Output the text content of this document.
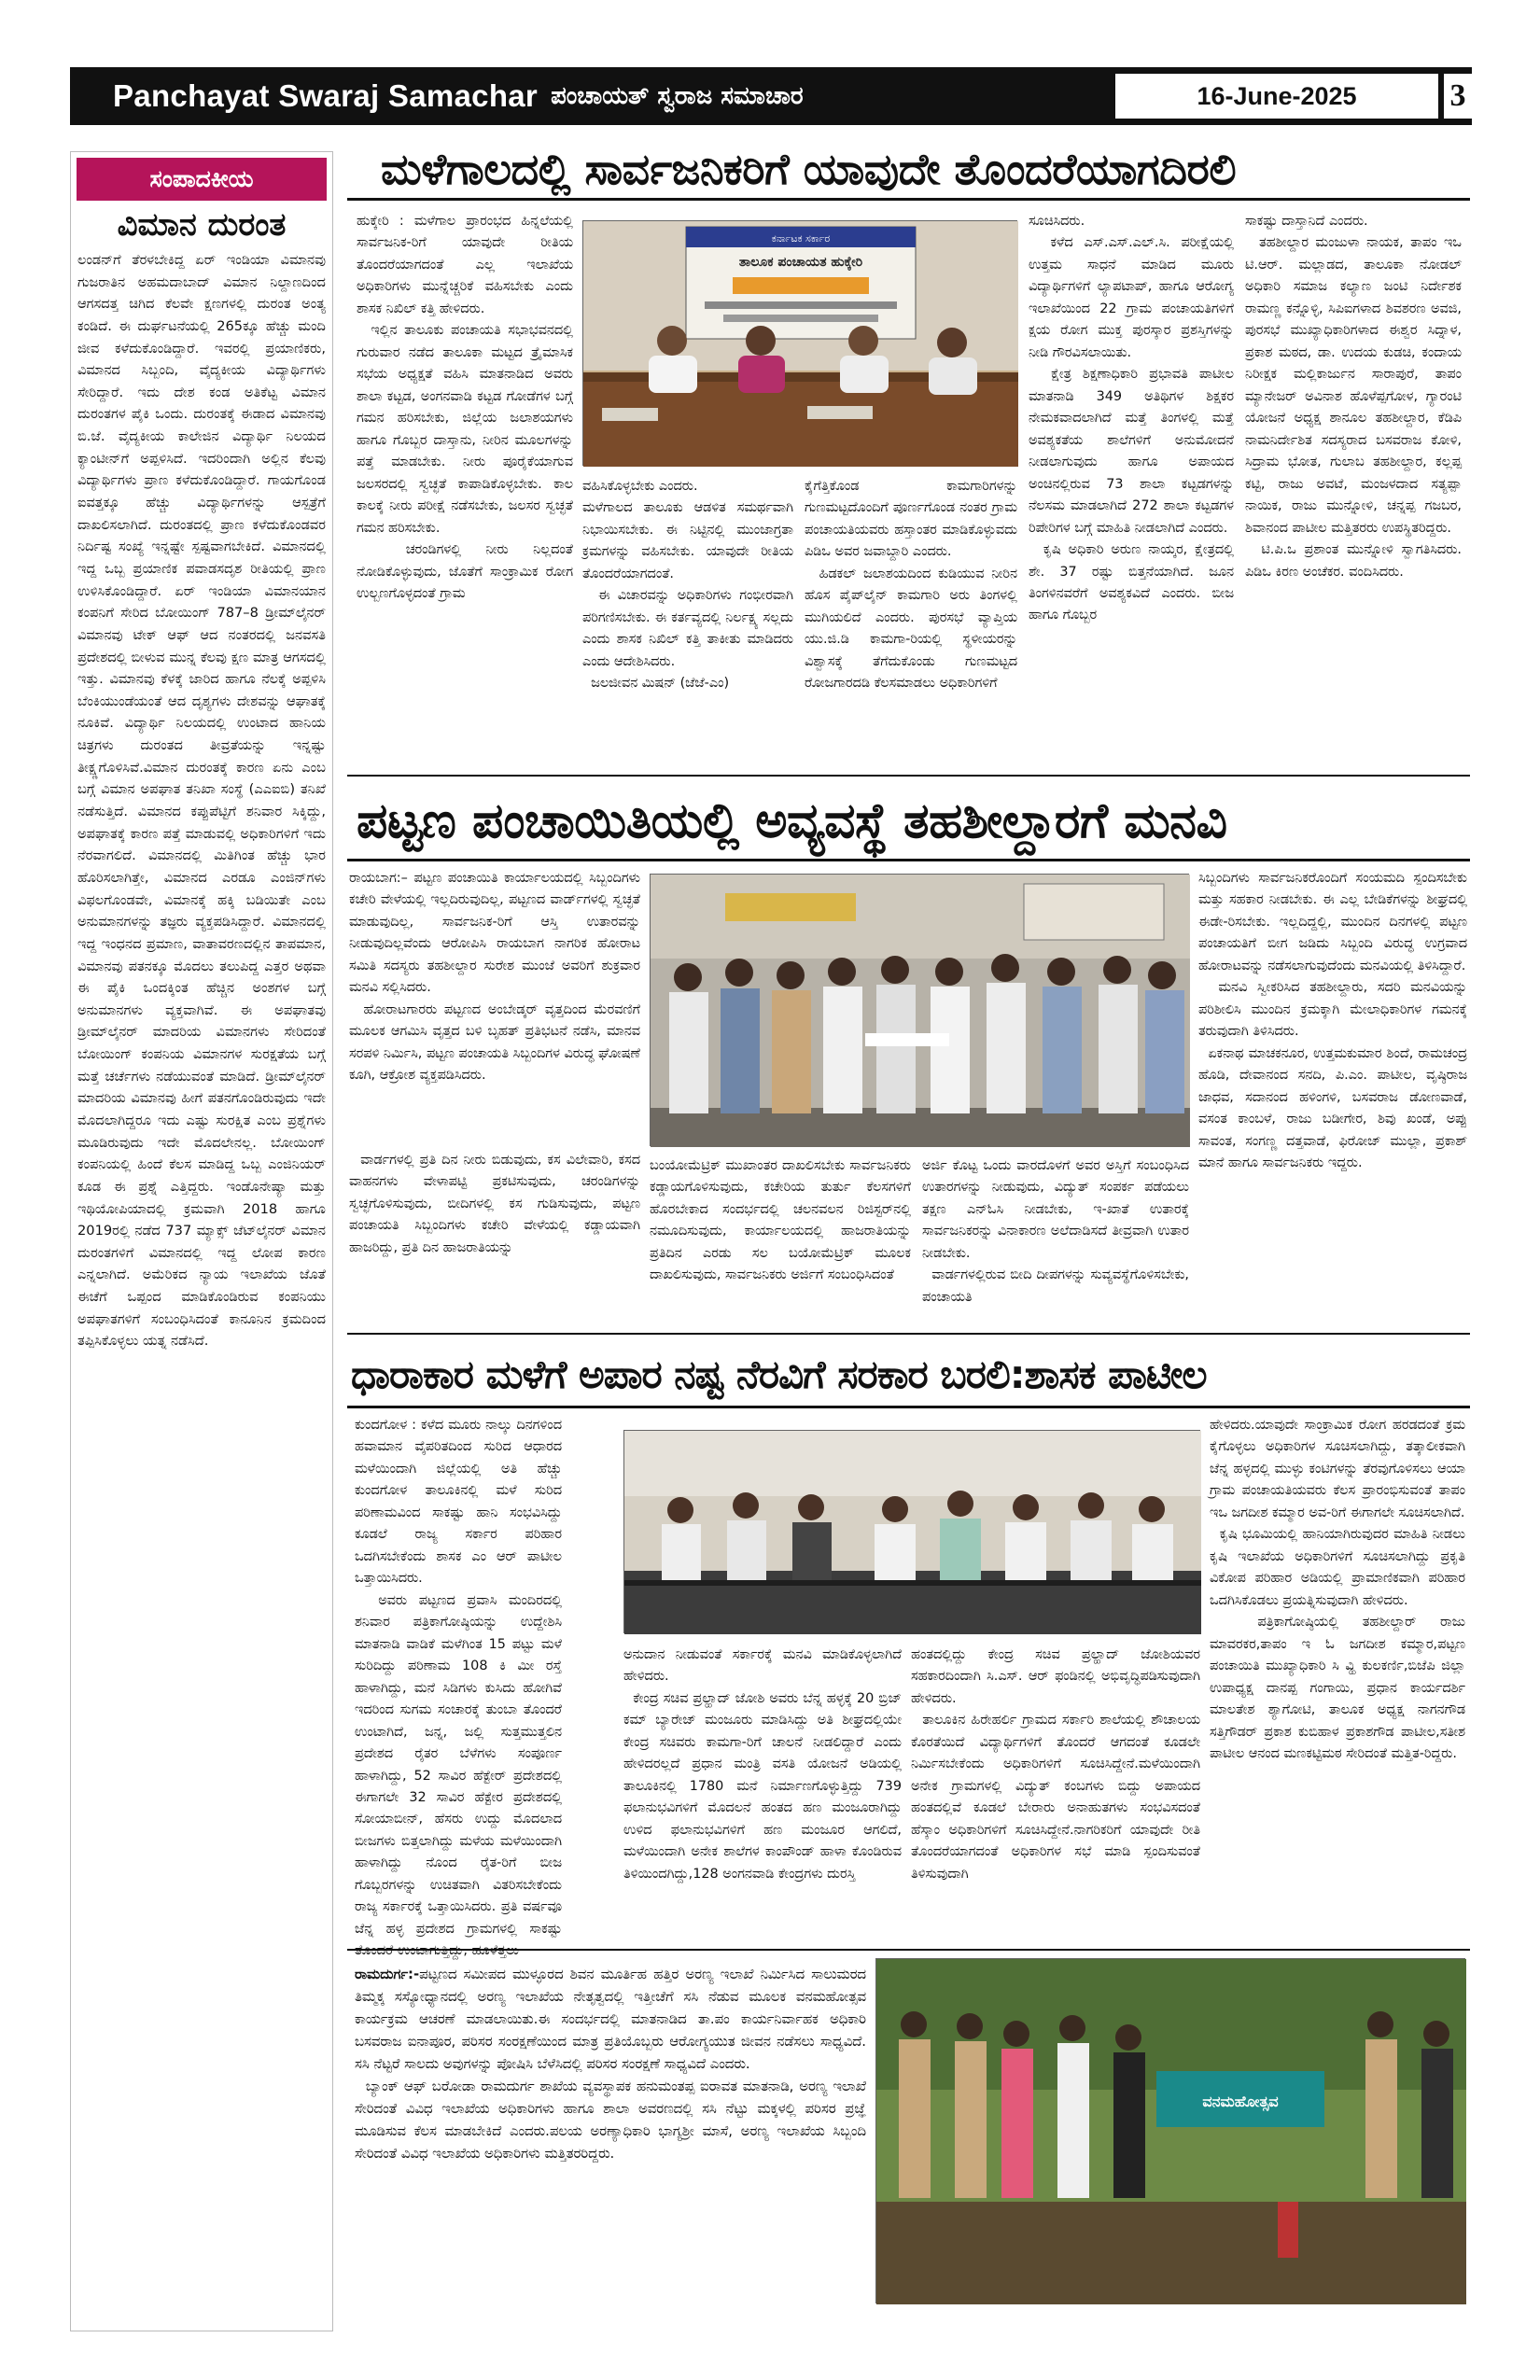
Panchayat Swaraj Samachar ಪಂಚಾಯತ್ ಸ್ವರಾಜ ಸಮಾಚಾರ	16-June-2025	3
ಸಂಪಾದಕೀಯ
ವಿಮಾನ ದುರಂತ
ಲಂಡನ್‌ಗೆ ತೆರಳಬೇಕಿದ್ದ ಏರ್ ಇಂಡಿಯಾ ವಿಮಾನವು ಗುಜರಾತಿನ ಅಹಮದಾಬಾದ್ ವಿಮಾನ ನಿಲ್ದಾಣದಿಂದ ಆಗಸದತ್ತ ಚಿಗಿದ ಕೆಲವೇ ಕ್ಷಣಗಳಲ್ಲಿ ದುರಂತ ಅಂತ್ಯ ಕಂಡಿದೆ. ಈ ದುರ್ಘಟನೆಯಲ್ಲಿ 265ಕ್ಕೂ ಹೆಚ್ಚು ಮಂದಿ ಜೀವ ಕಳೆದುಕೊಂಡಿದ್ದಾರೆ. ಇವರಲ್ಲಿ ಪ್ರಯಾಣಿಕರು, ವಿಮಾನದ ಸಿಬ್ಬಂದಿ, ವೈದ್ಯಕೀಯ ವಿದ್ಯಾರ್ಥಿಗಳು ಸೇರಿದ್ದಾರೆ. ಇದು ದೇಶ ಕಂಡ ಅತಿಕೆಟ್ಟ ವಿಮಾನ ದುರಂತಗಳ ಪೈಕಿ ಒಂದು. ದುರಂತಕ್ಕೆ ಈಡಾದ ವಿಮಾನವು ಬಿ.ಜೆ. ವೈದ್ಯಕೀಯ ಕಾಲೇಜಿನ ವಿದ್ಯಾರ್ಥಿ ನಿಲಯದ ಕ್ಯಾಂಟೀನ್‌ಗೆ ಅಪ್ಪಳಿಸಿದೆ. ಇದರಿಂದಾಗಿ ಅಲ್ಲಿನ ಕೆಲವು ವಿದ್ಯಾರ್ಥಿಗಳು ಪ್ರಾಣ ಕಳೆದುಕೊಂಡಿದ್ದಾರೆ. ಗಾಯಗೊಂಡ ಐವತ್ತಕ್ಕೂ ಹೆಚ್ಚು ವಿದ್ಯಾರ್ಥಿಗಳನ್ನು ಆಸ್ಪತ್ರೆಗೆ ದಾಖಲಿಸಲಾಗಿದೆ. ದುರಂತದಲ್ಲಿ ಪ್ರಾಣ ಕಳೆದುಕೊಂಡವರ ನಿರ್ದಿಷ್ಟ ಸಂಖ್ಯೆ ಇನ್ನಷ್ಟೇ ಸ್ಪಷ್ಟವಾಗಬೇಕಿದೆ. ವಿಮಾನದಲ್ಲಿ ಇದ್ದ ಒಬ್ಬ ಪ್ರಯಾಣಿಕ ಪವಾಡಸದೃಶ ರೀತಿಯಲ್ಲಿ ಪ್ರಾಣ ಉಳಿಸಿಕೊಂಡಿದ್ದಾರೆ. ಏರ್ ಇಂಡಿಯಾ ವಿಮಾನಯಾನ ಕಂಪನಿಗೆ ಸೇರಿದ ಬೋಯಿಂಗ್ 787–8 ಡ್ರೀಮ್‌ಲೈನರ್ ವಿಮಾನವು ಟೇಕ್ ಆಫ್ ಆದ ನಂತರದಲ್ಲಿ ಜನವಸತಿ ಪ್ರದೇಶದಲ್ಲಿ ಬೀಳುವ ಮುನ್ನ ಕೆಲವು ಕ್ಷಣ ಮಾತ್ರ ಆಗಸದಲ್ಲಿ ಇತ್ತು. ವಿಮಾನವು ಕೆಳಕ್ಕೆ ಜಾರಿದ ಹಾಗೂ ನೆಲಕ್ಕೆ ಅಪ್ಪಳಿಸಿ ಬೆಂಕಿಯುಂಡೆಯಂತೆ ಆದ ದೃಶ್ಯಗಳು ದೇಶವನ್ನು ಆಘಾತಕ್ಕೆ ನೂಕಿವೆ. ವಿದ್ಯಾರ್ಥಿ ನಿಲಯದಲ್ಲಿ ಉಂಟಾದ ಹಾನಿಯ ಚಿತ್ರಗಳು ದುರಂತದ ತೀವ್ರತೆಯನ್ನು ಇನ್ನಷ್ಟು ತೀಕ್ಷ್ಣಗೊಳಿಸಿವೆ.ವಿಮಾನ ದುರಂತಕ್ಕೆ ಕಾರಣ ಏನು ಎಂಬ ಬಗ್ಗೆ ವಿಮಾನ ಅಪಘಾತ ತನಿಖಾ ಸಂಸ್ಥೆ (ಎಎಐಬಿ) ತನಿಖೆ ನಡೆಸುತ್ತಿದೆ. ವಿಮಾನದ ಕಪ್ಪುಪೆಟ್ಟಿಗೆ ಶನಿವಾರ ಸಿಕ್ಕಿದ್ದು, ಅಪಘಾತಕ್ಕೆ ಕಾರಣ ಪತ್ತೆ ಮಾಡುವಲ್ಲಿ ಅಧಿಕಾರಿಗಳಿಗೆ ಇದು ನೆರವಾಗಲಿದೆ. ವಿಮಾನದಲ್ಲಿ ಮಿತಿಗಿಂತ ಹೆಚ್ಚು ಭಾರ ಹೊರಿಸಲಾಗಿತ್ತೇ, ವಿಮಾನದ ಎರಡೂ ಎಂಜಿನ್‌ಗಳು ವಿಫಲಗೊಂಡವೇ, ವಿಮಾನಕ್ಕೆ ಹಕ್ಕಿ ಬಡಿಯಿತೇ ಎಂಬ ಅನುಮಾನಗಳನ್ನು ತಜ್ಞರು ವ್ಯಕ್ತಪಡಿಸಿದ್ದಾರೆ. ವಿಮಾನದಲ್ಲಿ ಇದ್ದ ಇಂಧನದ ಪ್ರಮಾಣ, ವಾತಾವರಣದಲ್ಲಿನ ತಾಪಮಾನ, ವಿಮಾನವು ಪತನಕ್ಕೂ ಮೊದಲು ತಲುಪಿದ್ದ ಎತ್ತರ ಅಥವಾ ಈ ಪೈಕಿ ಒಂದಕ್ಕಿಂತ ಹೆಚ್ಚಿನ ಅಂಶಗಳ ಬಗ್ಗೆ ಅನುಮಾನಗಳು ವ್ಯಕ್ತವಾಗಿವೆ. ಈ ಅಪಘಾತವು ಡ್ರೀಮ್‌ಲೈನರ್ ಮಾದರಿಯ ವಿಮಾನಗಳು ಸೇರಿದಂತೆ ಬೋಯಿಂಗ್ ಕಂಪನಿಯ ವಿಮಾನಗಳ ಸುರಕ್ಷತೆಯ ಬಗ್ಗೆ ಮತ್ತೆ ಚರ್ಚೆಗಳು ನಡೆಯುವಂತೆ ಮಾಡಿದೆ. ಡ್ರೀಮ್‌ಲೈನರ್ ಮಾದರಿಯ ವಿಮಾನವು ಹೀಗೆ ಪತನಗೊಂಡಿರುವುದು ಇದೇ ಮೊದಲಾಗಿದ್ದರೂ ಇದು ಎಷ್ಟು ಸುರಕ್ಷಿತ ಎಂಬ ಪ್ರಶ್ನೆಗಳು ಮೂಡಿರುವುದು ಇದೇ ಮೊದಲೇನಲ್ಲ. ಬೋಯಿಂಗ್ ಕಂಪನಿಯಲ್ಲಿ ಹಿಂದೆ ಕೆಲಸ ಮಾಡಿದ್ದ ಒಬ್ಬ ಎಂಜಿನಿಯರ್ ಕೂಡ ಈ ಪ್ರಶ್ನೆ ಎತ್ತಿದ್ದರು. ಇಂಡೊನೇಷ್ಯಾ ಮತ್ತು ಇಥಿಯೋಪಿಯಾದಲ್ಲಿ ಕ್ರಮವಾಗಿ 2018 ಹಾಗೂ 2019ರಲ್ಲಿ ನಡೆದ 737 ಮ್ಯಾಕ್ಸ್ ಜೆಟ್‌ಲೈನರ್ ವಿಮಾನ ದುರಂತಗಳಿಗೆ ವಿಮಾನದಲ್ಲಿ ಇದ್ದ ಲೋಪ ಕಾರಣ ಎನ್ನಲಾಗಿದೆ. ಅಮೆರಿಕದ ನ್ಯಾಯ ಇಲಾಖೆಯ ಜೊತೆ ಈಚೆಗೆ ಒಪ್ಪಂದ ಮಾಡಿಕೊಂಡಿರುವ ಕಂಪನಿಯು ಅಪಘಾತಗಳಿಗೆ ಸಂಬಂಧಿಸಿದಂತೆ ಕಾನೂನಿನ ಕ್ರಮದಿಂದ ತಪ್ಪಿಸಿಕೊಳ್ಳಲು ಯತ್ನ ನಡೆಸಿದೆ.
ಮಳೆಗಾಲದಲ್ಲಿ ಸಾರ್ವಜನಿಕರಿಗೆ ಯಾವುದೇ ತೊಂದರೆಯಾಗದಿರಲಿ
ಹುಕ್ಕೇರಿ : ಮಳೆಗಾಲ ಪ್ರಾರಂಭದ ಹಿನ್ನಲೆಯಲ್ಲಿ ಸಾರ್ವಜನಿಕ-ರಿಗೆ ಯಾವುದೇ ರೀತಿಯ ತೊಂದರೆಯಾಗದಂತೆ ಎಲ್ಲ ಇಲಾಖೆಯ ಅಧಿಕಾರಿಗಳು ಮುನ್ನೆಚ್ಚರಿಕೆ ವಹಿಸಬೇಕು ಎಂದು ಶಾಸಕ ನಿಖಿಲ್ ಕತ್ತಿ ಹೇಳಿದರು.
ಇಲ್ಲಿನ ತಾಲೂಕು ಪಂಚಾಯತಿ ಸಭಾಭವನದಲ್ಲಿ ಗುರುವಾರ ನಡೆದ ತಾಲೂಕಾ ಮಟ್ಟದ ತ್ರೈಮಾಸಿಕ ಸಭೆಯ ಅಧ್ಯಕ್ಷತೆ ವಹಿಸಿ ಮಾತನಾಡಿದ ಅವರು ಶಾಲಾ ಕಟ್ಟಡ, ಅಂಗನವಾಡಿ ಕಟ್ಟಡ ಗೋಡೆಗಳ ಬಗ್ಗೆ ಗಮನ ಹರಿಸಬೇಕು, ಜಿಲ್ಲೆಯ ಜಲಾಶಯಗಳು ಹಾಗೂ ಗೊಬ್ಬರ ದಾಸ್ತಾನು, ನೀರಿನ ಮೂಲಗಳನ್ನು ಪತ್ತೆ ಮಾಡಬೇಕು. ನೀರು ಪೂರೈಕೆಯಾಗುವ ಜಲಸರದಲ್ಲಿ ಸ್ವಚ್ಛತೆ ಕಾಪಾಡಿಕೊಳ್ಳಬೇಕು. ಕಾಲ ಕಾಲಕ್ಕೆ ನೀರು ಪರೀಕ್ಷೆ ನಡೆಸಬೇಕು, ಜಲಸರ ಸ್ವಚ್ಛತೆ ಗಮನ ಹರಿಸಬೇಕು.
ಚರಂಡಿಗಳಲ್ಲಿ ನೀರು ನಿಲ್ಲದಂತೆ ನೋಡಿಕೊಳ್ಳುವುದು, ಜೊತೆಗೆ ಸಾಂಕ್ರಾಮಿಕ ರೋಗ ಉಲ್ಬಣಗೊಳ್ಳದಂತೆ ಗ್ರಾಮ
ಕರ್ನಾಟಕ ಸರ್ಕಾರ
ತಾಲೂಕ ಪಂಚಾಯತ ಹುಕ್ಕೇರಿ
ವಹಿಸಿಕೊಳ್ಳಬೇಕು ಎಂದರು.
ಮಳೆಗಾಲದ ತಾಲೂಕು ಆಡಳಿತ ಸಮರ್ಥವಾಗಿ ನಿಭಾಯಿಸಬೇಕು. ಈ ನಿಟ್ಟಿನಲ್ಲಿ ಮುಂಜಾಗ್ರತಾ ಕ್ರಮಗಳನ್ನು ವಹಿಸಬೇಕು. ಯಾವುದೇ ರೀತಿಯ ತೊಂದರೆಯಾಗದಂತೆ.
ಈ ವಿಚಾರವನ್ನು ಅಧಿಕಾರಿಗಳು ಗಂಭೀರವಾಗಿ ಪರಿಗಣಿಸಬೇಕು. ಈ ಕರ್ತವ್ಯದಲ್ಲಿ ನಿರ್ಲಕ್ಷ್ಯ ಸಲ್ಲದು ಎಂದು ಶಾಸಕ ನಿಖಿಲ್ ಕತ್ತಿ ತಾಕೀತು ಮಾಡಿದರು ಎಂದು ಆದೇಶಿಸಿದರು.
ಜಲಜೀವನ ಮಿಷನ್ (ಜೆಜೆ-ಎಂ)
ಕೈಗೆತ್ತಿಕೊಂಡ ಕಾಮಗಾರಿಗಳನ್ನು ಗುಣಮಟ್ಟದೊಂದಿಗೆ ಪೂರ್ಣಗೊಂಡ ನಂತರ ಗ್ರಾಮ ಪಂಚಾಯತಿಯವರು ಹಸ್ತಾಂತರ ಮಾಡಿಕೊಳ್ಳುವದು ಪಿಡಿಒ ಅವರ ಜವಾಬ್ದಾರಿ ಎಂದರು.
ಹಿಡಕಲ್ ಜಲಾಶಯದಿಂದ ಕುಡಿಯುವ ನೀರಿನ ಹೊಸ ಪೈಪ್‌ಲೈನ್ ಕಾಮಗಾರಿ ಅರು ತಿಂಗಳಲ್ಲಿ ಮುಗಿಯಲಿದೆ ಎಂದರು. ಪುರಸಭೆ ವ್ಯಾಪ್ತಿಯ ಯು.ಜಿ.ಡಿ ಕಾಮಗಾ-ರಿಯಲ್ಲಿ ಸ್ಥಳೀಯರನ್ನು ವಿಶ್ವಾಸಕ್ಕೆ ತೆಗೆದುಕೊಂಡು ಗುಣಮಟ್ಟದ ರೋಜಗಾರದಡಿ ಕೆಲಸಮಾಡಲು ಅಧಿಕಾರಿಗಳಿಗೆ
ಸೂಚಿಸಿದರು.
ಕಳೆದ ಎಸ್.ಎಸ್.ಎಲ್.ಸಿ. ಪರೀಕ್ಷೆಯಲ್ಲಿ ಉತ್ತಮ ಸಾಧನೆ ಮಾಡಿದ ಮೂರು ವಿದ್ಯಾರ್ಥಿಗಳಿಗೆ ಲ್ಯಾಪಟಾಪ್, ಹಾಗೂ ಆರೋಗ್ಯ ಇಲಾಖೆಯಿಂದ 22 ಗ್ರಾಮ ಪಂಚಾಯತಿಗಳಿಗೆ ಕ್ಷಯ ರೋಗ ಮುಕ್ತ ಪುರಸ್ಕಾರ ಪ್ರಶಸ್ತಿಗಳನ್ನು ನೀಡಿ ಗೌರವಿಸಲಾಯಿತು.
ಕ್ಷೇತ್ರ ಶಿಕ್ಷಣಾಧಿಕಾರಿ ಪ್ರಭಾವತಿ ಪಾಟೀಲ ಮಾತನಾಡಿ 349 ಅತಿಥಿಗಳ ಶಿಕ್ಷಕರ ನೇಮಕವಾದಲಾಗಿದೆ ಮತ್ತೆ ತಿಂಗಳಲ್ಲಿ ಮತ್ತೆ ಅವಶ್ಯಕತೆಯ ಶಾಲೆಗಳಿಗೆ ಅನುಮೋದನೆ ನೀಡಲಾಗುವುದು ಹಾಗೂ ಅಪಾಯದ ಅಂಚಿನಲ್ಲಿರುವ 73 ಶಾಲಾ ಕಟ್ಟಡಗಳನ್ನು ನೆಲಸಮ ಮಾಡಲಾಗಿದೆ 272 ಶಾಲಾ ಕಟ್ಟಡಗಳ ರಿಪೇರಿಗಳ ಬಗ್ಗೆ ಮಾಹಿತಿ ನೀಡಲಾಗಿದೆ ಎಂದರು.
ಕೃಷಿ ಅಧಿಕಾರಿ ಅರುಣ ನಾಯ್ಕರ, ಕ್ಷೇತ್ರದಲ್ಲಿ ಶೇ. 37 ರಷ್ಟು ಬಿತ್ತನೆಯಾಗಿದೆ. ಜೂನ ತಿಂಗಳಿನವರೆಗೆ ಅವಶ್ಯಕವಿದೆ ಎಂದರು. ಬೀಜ ಹಾಗೂ ಗೊಬ್ಬರ
ಸಾಕಷ್ಟು ದಾಸ್ತಾನಿದೆ ಎಂದರು.
ತಹಶೀಲ್ದಾರ ಮಂಜುಳಾ ನಾಯಕ, ತಾಪಂ ಇಒ ಟಿ.ಆರ್. ಮಲ್ಲಾಡದ, ತಾಲೂಕಾ ನೋಡಲ್ ಅಧಿಕಾರಿ ಸಮಾಜ ಕಲ್ಯಾಣ ಜಂಟಿ ನಿರ್ದೇಶಕ ರಾಮಣ್ಣ ಕನ್ನೊಳ್ಳಿ, ಸಿಪಿಐಗಳಾದ ಶಿವಶರಣ ಅವಜಿ, ಪುರಸಭೆ ಮುಖ್ಯಾಧಿಕಾರಿಗಳಾದ ಈಶ್ವರ ಸಿದ್ನಾಳ, ಪ್ರಕಾಶ ಮಠದ, ಡಾ. ಉದಯ ಕುಡಚಿ, ಕಂದಾಯ ನಿರೀಕ್ಷಕ ಮಲ್ಲಿಕಾರ್ಜುನ ಸಾರಾಪುರೆ, ತಾಪಂ ಮ್ಯಾನೇಜರ್ ಅವಿನಾಶ ಹೊಳೆಪ್ಪಗೋಳ, ಗ್ಯಾರಂಟಿ ಯೋಜನೆ ಅಧ್ಯಕ್ಷ ಶಾನೂಲ ತಹಶೀಲ್ದಾರ, ಕೆಡಿಪಿ ನಾಮನಿರ್ದೇಶಿತ ಸದಸ್ಯರಾದ ಬಸವರಾಜ ಕೋಳಿ, ಸಿದ್ರಾಮ ಭೋತ, ಗುಲಾಬ ತಹಶೀಲ್ದಾರ, ಕಲ್ಲಪ್ಪ ಕಟ್ಟಿ, ರಾಜು ಅವಟೆ, ಮಂಜಳದಾದ ಸತ್ಯಪ್ಪಾ ನಾಯಿಕ, ರಾಜು ಮುನ್ನೋಳಿ, ಚನ್ನಪ್ಪ ಗಜಬರ, ಶಿವಾನಂದ ಪಾಟೀಲ ಮತ್ತಿತರರು ಉಪಸ್ಥಿತರಿದ್ದರು.
ಟಿ.ಪಿ.ಒ ಪ್ರಶಾಂತ ಮುನ್ನೋಳಿ ಸ್ವಾಗತಿಸಿದರು. ಪಿಡಿಒ ಕಿರಣ ಅಂಚೆಕರ. ವಂದಿಸಿದರು.
ಪಟ್ಟಣ ಪಂಚಾಯಿತಿಯಲ್ಲಿ ಅವ್ಯವಸ್ಥೆ ತಹಶೀಲ್ದಾರಗೆ ಮನವಿ
ರಾಯಬಾಗ:– ಪಟ್ಟಣ ಪಂಚಾಯಿತಿ ಕಾರ್ಯಾಲಯದಲ್ಲಿ ಸಿಬ್ಬಂದಿಗಳು ಕಚೇರಿ ವೇಳೆಯಲ್ಲಿ ಇಲ್ಲದಿರುವುದಿಲ್ಲ, ಪಟ್ಟಣದ ವಾರ್ಡ್‌ಗಳಲ್ಲಿ ಸ್ವಚ್ಛತೆ ಮಾಡುವುದಿಲ್ಲ, ಸಾರ್ವಜನಿಕ-ರಿಗೆ ಆಸ್ತಿ ಉತಾರವನ್ನು ನೀಡುವುದಿಲ್ಲವೆಂದು ಆರೋಪಿಸಿ ರಾಯಬಾಗ ನಾಗರಿಕ ಹೋರಾಟ ಸಮಿತಿ ಸದಸ್ಯರು ತಹಶೀಲ್ದಾರ ಸುರೇಶ ಮುಂಜೆ ಅವರಿಗೆ ಶುಕ್ರವಾರ ಮನವಿ ಸಲ್ಲಿಸಿದರು.
ಹೋರಾಟಗಾರರು ಪಟ್ಟಣದ ಅಂಬೇಡ್ಕರ್ ವೃತ್ತದಿಂದ ಮೆರವಣಿಗೆ ಮೂಲಕ ಆಗಮಿಸಿ ವೃತ್ತದ ಬಳಿ ಬೃಹತ್ ಪ್ರತಿಭಟನೆ ನಡೆಸಿ, ಮಾನವ ಸರಪಳಿ ನಿರ್ಮಿಸಿ, ಪಟ್ಟಣ ಪಂಚಾಯತಿ ಸಿಬ್ಬಂದಿಗಳ ವಿರುದ್ಧ ಘೋಷಣೆ ಕೂಗಿ, ಆಕ್ರೋಶ ವ್ಯಕ್ತಪಡಿಸಿದರು.
ವಾರ್ಡಗಳಲ್ಲಿ ಪ್ರತಿ ದಿನ ನೀರು ಬಿಡುವುದು, ಕಸ ವಿಲೇವಾರಿ, ಕಸದ ವಾಹನಗಳು ವೇಳಾಪಟ್ಟಿ ಪ್ರಕಟಿಸುವುದು, ಚರಂಡಿಗಳನ್ನು ಸ್ವಚ್ಛಗೊಳಿಸುವುದು, ಬೀದಿಗಳಲ್ಲಿ ಕಸ ಗುಡಿಸುವುದು, ಪಟ್ಟಣ ಪಂಚಾಯತಿ ಸಿಬ್ಬಂದಿಗಳು ಕಚೇರಿ ವೇಳೆಯಲ್ಲಿ ಕಡ್ಡಾಯವಾಗಿ ಹಾಜರಿದ್ದು, ಪ್ರತಿ ದಿನ ಹಾಜರಾತಿಯನ್ನು
ಬಂಯೋಮೆಟ್ರಿಕ್ ಮುಖಾಂತರ ದಾಖಲಿಸಬೇಕು ಸಾರ್ವಜನಿಕರು ಕಡ್ಡಾಯಗೊಳಿಸುವುದು, ಕಚೇರಿಯ ತುರ್ತು ಕೆಲಸಗಳಿಗೆ ಹೊರಬೇಕಾದ ಸಂದರ್ಭದಲ್ಲಿ ಚಲನವಲನ ರಿಜಿಸ್ಟರ್‌ನಲ್ಲಿ ನಮೂದಿಸುವುದು, ಕಾರ್ಯಾಲಯದಲ್ಲಿ ಹಾಜರಾತಿಯನ್ನು ಪ್ರತಿದಿನ ಎರಡು ಸಲ ಬಯೋಮೆಟ್ರಿಕ್ ಮೂಲಕ ದಾಖಲಿಸುವುದು, ಸಾರ್ವಜನಿಕರು ಅರ್ಜಿಗೆ ಸಂಬಂಧಿಸಿದಂತೆ
ಅರ್ಜಿ ಕೊಟ್ಟ ಒಂದು ವಾರದೊಳಗೆ ಅವರ ಅಸ್ತಿಗೆ ಸಂಬಂಧಿಸಿದ ಉತಾರಗಳನ್ನು ನೀಡುವುದು, ವಿದ್ಯುತ್ ಸಂಪರ್ಕ ಪಡೆಯಲು ತಕ್ಷಣ ಎನ್‌ಓಸಿ ನೀಡಬೇಕು, ಇ-ಖಾತೆ ಉತಾರಕ್ಕೆ ಸಾರ್ವಜನಿಕರನ್ನು ವಿನಾಕಾರಣ ಅಲೆದಾಡಿಸದೆ ತೀವ್ರವಾಗಿ ಉತಾರ ನೀಡಬೇಕು.
ವಾರ್ಡಗಳಲ್ಲಿರುವ ಬೀದಿ ದೀಪಗಳನ್ನು ಸುವ್ಯವಸ್ಥೆಗೊಳಿಸಬೇಕು, ಪಂಚಾಯತಿ
ಸಿಬ್ಬಂದಿಗಳು ಸಾರ್ವಜನಿಕರೊಂದಿಗೆ ಸಂಯಮದಿ ಸ್ಪಂದಿಸಬೇಕು ಮತ್ತು ಸಹಕಾರ ನೀಡಬೇಕು. ಈ ಎಲ್ಲ ಬೇಡಿಕೆಗಳನ್ನು ಶೀಘ್ರದಲ್ಲಿ ಈಡೇ-ರಿಸಬೇಕು. ಇಲ್ಲದಿದ್ದಲ್ಲಿ, ಮುಂದಿನ ದಿನಗಳಲ್ಲಿ ಪಟ್ಟಣ ಪಂಚಾಯತಿಗೆ ಬೀಗ ಜಡಿದು ಸಿಬ್ಬಂದಿ ವಿರುದ್ಧ ಉಗ್ರವಾದ ಹೋರಾಟವನ್ನು ನಡೆಸಲಾಗುವುದೆಂದು ಮನವಿಯಲ್ಲಿ ತಿಳಿಸಿದ್ದಾರೆ.
ಮನವಿ ಸ್ವೀಕರಿಸಿದ ತಹಶೀಲ್ದಾರು, ಸದರಿ ಮನವಿಯನ್ನು ಪರಿಶೀಲಿಸಿ ಮುಂದಿನ ಕ್ರಮಕ್ಕಾಗಿ ಮೇಲಾಧಿಕಾರಿಗಳ ಗಮನಕ್ಕೆ ತರುವುದಾಗಿ ತಿಳಿಸಿದರು.
ಏಕನಾಥ ಮಾಚಕನೂರ, ಉತ್ತಮಕುಮಾರ ಶಿಂದೆ, ರಾಮಚಂದ್ರ ಹೊಡಿ, ದೇವಾನಂದ ಸನದಿ, ಪಿ.ಎಂ. ಪಾಟೀಲ, ವೃಷ್ಠಿರಾಜ ಜಾಧವ, ಸದಾನಂದ ಹಳಿಂಗಳಿ, ಬಸವರಾಜ ಡೋಣವಾಡೆ, ವಸಂತ ಕಾಂಬಳೆ, ರಾಜು ಬಡೀಗೇರ, ಶಿವು ಖಂಡೆ, ಅಪ್ಪು ಸಾವಂತ, ಸಂಗಣ್ಣ ದತ್ತವಾಡೆ, ಫಿರೋಜ್ ಮುಲ್ಲಾ, ಪ್ರಕಾಶ್ ಮಾನೆ ಹಾಗೂ ಸಾರ್ವಜನಿಕರು ಇದ್ದರು.
ಧಾರಾಕಾರ ಮಳೆಗೆ ಅಪಾರ ನಷ್ಟ ನೆರವಿಗೆ ಸರಕಾರ ಬರಲಿ:ಶಾಸಕ ಪಾಟೀಲ
ಕುಂದಗೋಳ : ಕಳೆದ ಮೂರು ನಾಲ್ಕು ದಿನಗಳಿಂದ ಹವಾಮಾನ ವೈಪರಿತದಿಂದ ಸುರಿದ ಆಧಾರದ ಮಳೆಯಿಂದಾಗಿ ಜಿಲ್ಲೆಯಲ್ಲಿ ಅತಿ ಹೆಚ್ಚು ಕುಂದಗೋಳ ತಾಲೂಕಿನಲ್ಲಿ ಮಳೆ ಸುರಿದ ಪರಿಣಾಮವಿಂದ ಸಾಕಷ್ಟು ಹಾನಿ ಸಂಭವಿಸಿದ್ದು ಕೂಡಲೆ ರಾಜ್ಯ ಸರ್ಕಾರ ಪರಿಹಾರ ಒದಗಿಸಬೇಕೆಂದು ಶಾಸಕ ಎಂ ಆರ್ ಪಾಟೀಲ ಒತ್ತಾಯಿಸಿದರು.
ಅವರು ಪಟ್ಟಣದ ಪ್ರವಾಸಿ ಮಂದಿರದಲ್ಲಿ ಶನಿವಾರ ಪತ್ರಿಕಾಗೋಷ್ಠಿಯನ್ನು ಉದ್ದೇಶಿಸಿ ಮಾತನಾಡಿ ವಾಡಿಕೆ ಮಳೆಗಿಂತ 15 ಪಟ್ಟು ಮಳೆ ಸುರಿದಿದ್ದು ಪರಿಣಾಮ 108 ಕಿ ಮೀ ರಸ್ತೆ ಹಾಳಾಗಿದ್ದು, ಮನೆ ಸಿಡಿಗಳು ಕುಸಿದು ಹೋಗಿವೆ ಇದರಿಂದ ಸುಗಮ ಸಂಚಾರಕ್ಕೆ ತುಂಬಾ ತೊಂದರೆ ಉಂಟಾಗಿದೆ, ಜನ್ನ, ಜಲ್ಲಿ ಸುತ್ತಮುತ್ತಲಿನ ಪ್ರದೇಶದ ರೈತರ ಬೆಳೆಗಳು ಸಂಪೂರ್ಣ ಹಾಳಾಗಿದ್ದು, 52 ಸಾವಿರ ಹೆಕ್ಟೇರ್ ಪ್ರದೇಶದಲ್ಲಿ ಈಗಾಗಲೇ 32 ಸಾವಿರ ಹೆಕ್ಟೇರ ಪ್ರದೇಶದಲ್ಲಿ ಸೋಯಾಬೀನ್, ಹೆಸರು ಉದ್ದು ಮೊದಲಾದ ಬೀಜಗಳು ಬಿತ್ತಲಾಗಿದ್ದು ಮಳೆಯ ಮಳೆಯಿಂದಾಗಿ ಹಾಳಾಗಿದ್ದು ನೊಂದ ರೈತ-ರಿಗೆ ಬೀಜ ಗೊಬ್ಬರಗಳನ್ನು ಉಚಿತವಾಗಿ ವಿತರಿಸಬೇಕೆಂದು ರಾಜ್ಯ ಸರ್ಕಾರಕ್ಕೆ ಒತ್ತಾಯಿಸಿದರು. ಪ್ರತಿ ವರ್ಷವೂ ಜೆನ್ನ ಹಳ್ಳ ಪ್ರದೇಶದ ಗ್ರಾಮಗಳಲ್ಲಿ ಸಾಕಷ್ಟು ತೊಂದರೆ ಉಂಟಾಗುತ್ತಿದ್ದು, ಹೂಳೆತ್ತಲು
ಅನುದಾನ ನೀಡುವಂತೆ ಸರ್ಕಾರಕ್ಕೆ ಮನವಿ ಮಾಡಿಕೊಳ್ಳಲಾಗಿದೆ ಹೇಳಿದರು.
ಕೇಂದ್ರ ಸಚಿವ ಪ್ರಲ್ಹಾದ್ ಜೋಶಿ ಅವರು ಬೆನ್ನ ಹಳ್ಳಕ್ಕೆ 20 ಬ್ರಿಜ್ ಕಮ್ ಬ್ಯಾರೇಜ್ ಮಂಜೂರು ಮಾಡಿಸಿದ್ದು ಅತಿ ಶೀಘ್ರದಲ್ಲಿಯೇ ಕೇಂದ್ರ ಸಚಿವರು ಕಾಮಗಾ-ರಿಗೆ ಚಾಲನೆ ನೀಡಲಿದ್ದಾರೆ ಎಂದು ಹೇಳಿದರಲ್ಲದೆ ಪ್ರಧಾನ ಮಂತ್ರಿ ವಸತಿ ಯೋಜನೆ ಅಡಿಯಲ್ಲಿ ತಾಲೂಕಿನಲ್ಲಿ 1780 ಮನೆ ನಿರ್ಮಾಣಗೊಳ್ಳುತ್ತಿದ್ದು 739 ಫಲಾನುಭವಿಗಳಿಗೆ ಮೊದಲನೆ ಹಂತದ ಹಣ ಮಂಜೂರಾಗಿದ್ದು ಉಳಿದ ಫಲಾನುಭವಿಗಳಿಗೆ ಹಣ ಮಂಜೂರ ಆಗಲಿದೆ, ಮಳೆಯಿಂದಾಗಿ ಅನೇಕ ಶಾಲೆಗಳ ಕಾಂಪೌಂಡ್ ಹಾಳಾ ಕೊಂಡಿರುವ ತಿಳಿಯಿಂದಗಿದ್ದು,128 ಅಂಗನವಾಡಿ ಕೇಂದ್ರಗಳು ದುರಸ್ತಿ
ಹಂತದಲ್ಲಿದ್ದು ಕೇಂದ್ರ ಸಚಿವ ಪ್ರಲ್ಹಾದ್ ಜೋಶಿಯವರ ಸಹಕಾರದಿಂದಾಗಿ ಸಿ.ಎಸ್. ಆರ್ ಫಂಡಿನಲ್ಲಿ ಅಭಿವೃದ್ಧಿಪಡಿಸುವುದಾಗಿ ಹೇಳಿದರು.
ತಾಲೂಕಿನ ಹಿರೇಹರ್ಲಿ ಗ್ರಾಮದ ಸರ್ಕಾರಿ ಶಾಲೆಯಲ್ಲಿ ಶೌಚಾಲಯ ಕೊರತೆಯಿದೆ ವಿದ್ಯಾರ್ಥಿಗಳಿಗೆ ತೊಂದರೆ ಆಗದಂತೆ ಕೂಡಲೇ ನಿರ್ಮಿಸಬೇಕೆಂದು ಅಧಿಕಾರಿಗಳಿಗೆ ಸೂಚಿಸಿದ್ದೇನೆ.ಮಳೆಯಿಂದಾಗಿ ಅನೇಕ ಗ್ರಾಮಗಳಲ್ಲಿ ವಿದ್ಯುತ್ ಕಂಬಗಳು ಬಿದ್ದು ಅಪಾಯದ ಹಂತದಲ್ಲಿವೆ ಕೂಡಲೆ ಬೇರಾರು ಅನಾಹುತಗಳು ಸಂಭವಿಸದಂತೆ ಹೆಸ್ಕಾಂ ಅಧಿಕಾರಿಗಳಿಗೆ ಸೂಚಿಸಿದ್ದೇನೆ.ನಾಗರಿಕರಿಗೆ ಯಾವುದೇ ರೀತಿ ತೊಂದರೆಯಾಗದಂತೆ ಅಧಿಕಾರಿಗಳ ಸಭೆ ಮಾಡಿ ಸ್ಪಂದಿಸುವಂತೆ ತಿಳಿಸುವುದಾಗಿ
ಹೇಳಿದರು.ಯಾವುದೇ ಸಾಂಕ್ರಾಮಿಕ ರೋಗ ಹರಡದಂತೆ ಕ್ರಮ ಕೈಗೊಳ್ಳಲು ಅಧಿಕಾರಿಗಳ ಸೂಚಿಸಲಾಗಿದ್ದು, ತತ್ಕಾಲೀಕವಾಗಿ ಜೆನ್ನ ಹಳ್ಳದಲ್ಲಿ ಮುಳ್ಳು ಕಂಟಿಗಳನ್ನು ತೆರವುಗೊಳಿಸಲು ಆಯಾ ಗ್ರಾಮ ಪಂಚಾಯತಿಯವರು ಕೆಲಸ ಪ್ರಾರಂಭಿಸುವಂತೆ ತಾಪಂ ಇಒ ಜಗದೀಶ ಕಮ್ಮಾರ ಅವ-ರಿಗೆ ಈಗಾಗಲೇ ಸೂಚಿಸಲಾಗಿದೆ.
ಕೃಷಿ ಭೂಮಿಯಲ್ಲಿ ಹಾನಿಯಾಗಿರುವುದರ ಮಾಹಿತಿ ನೀಡಲು ಕೃಷಿ ಇಲಾಖೆಯ ಅಧಿಕಾರಿಗಳಿಗೆ ಸೂಚಿಸಲಾಗಿದ್ದು ಪ್ರಕೃತಿ ವಿಕೋಪ ಪರಿಹಾರ ಅಡಿಯಲ್ಲಿ ಪ್ರಾಮಾಣಿಕವಾಗಿ ಪರಿಹಾರ ಒದಗಿಸಿಕೊಡಲು ಪ್ರಯತ್ನಿಸುವುದಾಗಿ ಹೇಳಿದರು.
ಪತ್ರಿಕಾಗೋಷ್ಠಿಯಲ್ಲಿ ತಹಶೀಲ್ದಾರ್ ರಾಜು ಮಾವರಕರ,ತಾಪಂ ಇ ಓ ಜಗದೀಶ ಕಮ್ಮಾರ,ಪಟ್ಟಣ ಪಂಚಾಯಿತಿ ಮುಖ್ಯಾಧಿಕಾರಿ ಸಿ ವ್ಹಿ ಕುಲಕರ್ಣಿ,ಬಿಜೆಪಿ ಜಿಲ್ಲಾ ಉಪಾಧ್ಯಕ್ಷ ದಾನಪ್ಪ ಗಂಗಾಯಿ, ಪ್ರಧಾನ ಕಾರ್ಯದರ್ಶಿ ಮಾಲತೇಶ ಶ್ಯಾಗೋಟಿ, ತಾಲೂಕ ಅಧ್ಯಕ್ಷ ನಾಗನಗೌಡ ಸತ್ತಿಗೌಡರ್ ಪ್ರಕಾಶ ಕುಬಿಹಾಳ ಪ್ರಕಾಶಗೌಡ ಪಾಟೀಲ,ಸತೀಶ ಪಾಟೀಲ ಆನಂದ ಮಣಕಟ್ಟಿಮಠ ಸೇರಿದಂತೆ ಮತ್ತಿತ-ರಿದ್ದರು.
ರಾಮದುರ್ಗ:-ಪಟ್ಟಣದ ಸಮೀಪದ ಮುಳ್ಳೂರದ ಶಿವನ ಮೂರ್ತಿಹ ಹತ್ತಿರ ಅರಣ್ಯ ಇಲಾಖೆ ನಿರ್ಮಿಸಿದ ಸಾಲುಮರದ ತಿಮ್ಮಕ್ಕ ಸಸ್ಯೋಧ್ಯಾನದಲ್ಲಿ ಅರಣ್ಯ ಇಲಾಖೆಯ ನೇತೃತ್ವದಲ್ಲಿ ಇತ್ತೀಚೆಗೆ ಸಸಿ ನೆಡುವ ಮೂಲಕ ವನಮಹೋತ್ಸವ ಕಾರ್ಯಕ್ರಮ ಆಚರಣೆ ಮಾಡಲಾಯಿತು.ಈ ಸಂದರ್ಭದಲ್ಲಿ ಮಾತನಾಡಿದ ತಾ.ಪಂ ಕಾರ್ಯನಿರ್ವಾಹಕ ಅಧಿಕಾರಿ ಬಸವರಾಜ ಐನಾಪೂರ, ಪರಿಸರ ಸಂರಕ್ಷಣೆಯಿಂದ ಮಾತ್ರ ಪ್ರತಿಯೊಬ್ಬರು ಆರೋಗ್ಯಯುತ ಜೀವನ ನಡೆಸಲು ಸಾಧ್ಯವಿದೆ. ಸಸಿ ನೆಟ್ಟರೆ ಸಾಲದು ಅವುಗಳನ್ನು ಪೋಷಿಸಿ ಬೆಳೆಸಿದಲ್ಲಿ ಪರಿಸರ ಸಂರಕ್ಷಣೆ ಸಾಧ್ಯವಿದೆ ಎಂದರು.
ಬ್ಯಾಂಕ್ ಆಫ್ ಬರೋಡಾ ರಾಮದುರ್ಗ ಶಾಖೆಯ ವ್ಯವಸ್ಥಾಪಕ ಹನುಮಂತಪ್ಪ ಐರಾವತ ಮಾತನಾಡಿ, ಅರಣ್ಯ ಇಲಾಖೆ ಸೇರಿದಂತೆ ವಿವಿಧ ಇಲಾಖೆಯ ಅಧಿಕಾರಿಗಳು ಹಾಗೂ ಶಾಲಾ ಅವರಣದಲ್ಲಿ ಸಸಿ ನೆಟ್ಟು ಮಕ್ಕಳಲ್ಲಿ ಪರಿಸರ ಪ್ರಜ್ಞೆ ಮೂಡಿಸುವ ಕೆಲಸ ಮಾಡಬೇಕಿದೆ ಎಂದರು.ಪಲಯ ಅರಣ್ಯಾಧಿಕಾರಿ ಭಾಗ್ಯಶ್ರೀ ಮಾಸೆ, ಅರಣ್ಯ ಇಲಾಖೆಯ ಸಿಬ್ಬಂದಿ ಸೇರಿದಂತೆ ವಿವಿಧ ಇಲಾಖೆಯ ಅಧಿಕಾರಿಗಳು ಮತ್ತಿತರರಿದ್ದರು.
ವನಮಹೋತ್ಸವ
